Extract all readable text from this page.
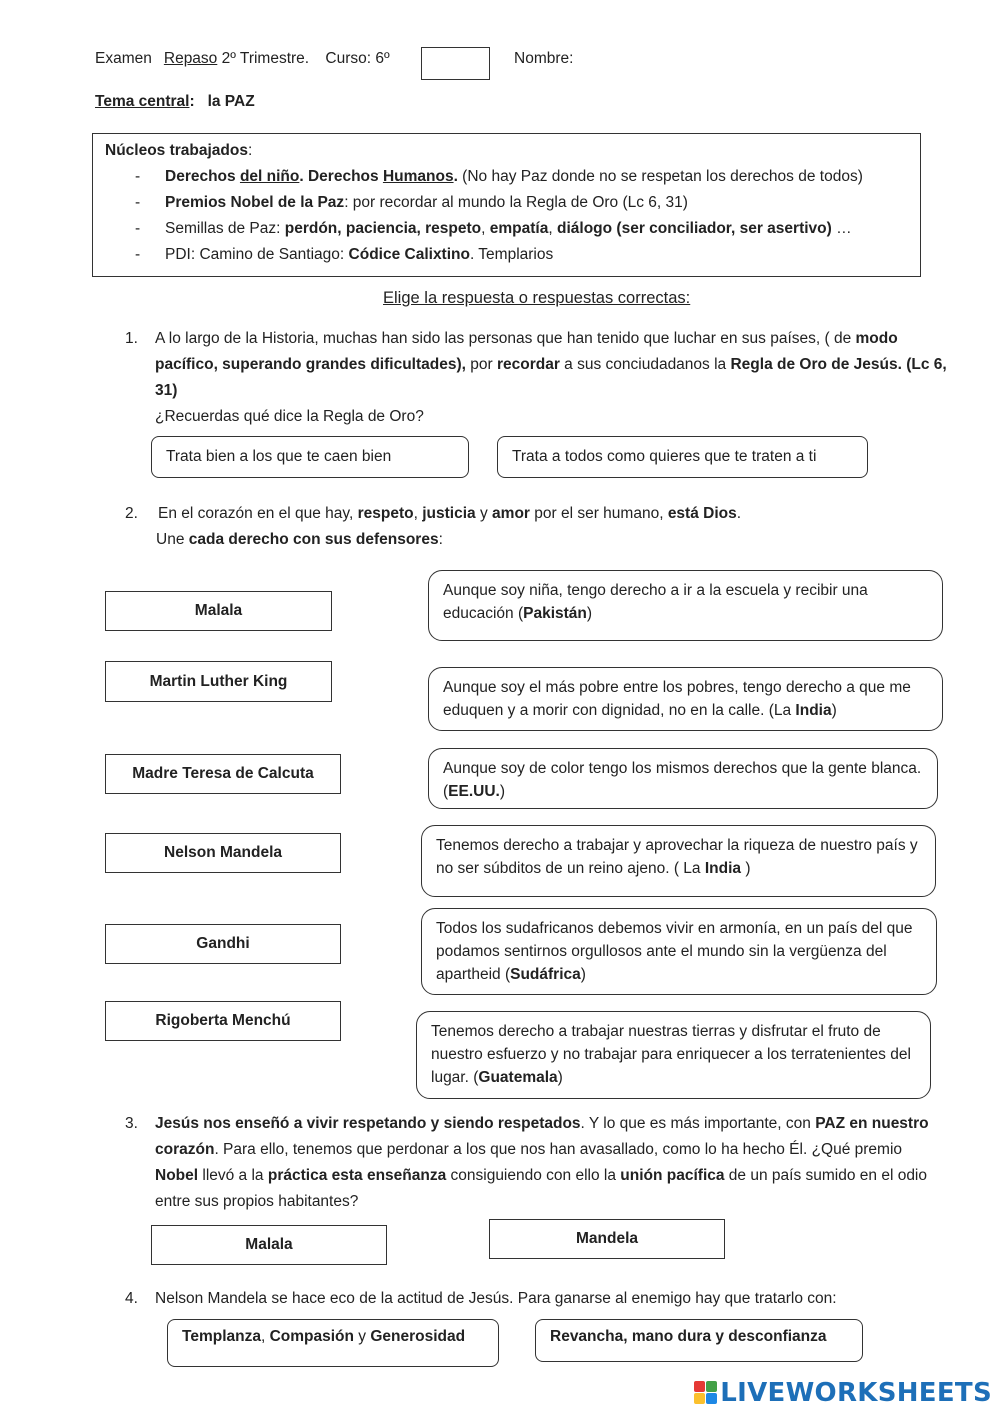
Examen Repaso 2º Trimestre. Curso: 6º	Nombre:
Tema central: la PAZ
Núcleos trabajados:
- Derechos del niño. Derechos Humanos. (No hay Paz donde no se respetan los derechos de todos)
- Premios Nobel de la Paz: por recordar al mundo la Regla de Oro (Lc 6, 31)
- Semillas de Paz: perdón, paciencia, respeto, empatía, diálogo (ser conciliador, ser asertivo) …
- PDI: Camino de Santiago: Códice Calixtino. Templarios
Elige la respuesta o respuestas correctas:
1. A lo largo de la Historia, muchas han sido las personas que han tenido que luchar en sus países, ( de modo pacífico, superando grandes dificultades), por recordar a sus conciudadanos la Regla de Oro de Jesús. (Lc 6, 31)
¿Recuerdas qué dice la Regla de Oro?
Trata bien a los que te caen bien	Trata a todos como quieres que te traten a ti
2. En el corazón en el que hay, respeto, justicia y amor por el ser humano, está Dios.
Une cada derecho con sus defensores:
Malala
Martin Luther King
Madre Teresa de Calcuta
Nelson Mandela
Gandhi
Rigoberta Menchú
Aunque soy niña, tengo derecho a ir a la escuela y recibir una educación (Pakistán)
Aunque soy el más pobre entre los pobres, tengo derecho a que me eduquen y a morir con dignidad, no en la calle. (La India)
Aunque soy de color tengo los mismos derechos que la gente blanca. (EE.UU.)
Tenemos derecho a trabajar y aprovechar la riqueza de nuestro país y no ser súbditos de un reino ajeno. ( La India )
Todos los sudafricanos debemos vivir en armonía, en un país del que podamos sentirnos orgullosos ante el mundo sin la vergüenza del apartheid (Sudáfrica)
Tenemos derecho a trabajar nuestras tierras y disfrutar el fruto de nuestro esfuerzo y no trabajar para enriquecer a los terratenientes del lugar. (Guatemala)
3. Jesús nos enseñó a vivir respetando y siendo respetados. Y lo que es más importante, con PAZ en nuestro corazón. Para ello, tenemos que perdonar a los que nos han avasallado, como lo ha hecho Él. ¿Qué premio Nobel llevó a la práctica esta enseñanza consiguiendo con ello la unión pacífica de un país sumido en el odio entre sus propios habitantes?
Malala	Mandela
4. Nelson Mandela se hace eco de la actitud de Jesús. Para ganarse al enemigo hay que tratarlo con:
Templanza, Compasión y Generosidad	Revancha, mano dura y desconfianza
LIVEWORKSHEETS
